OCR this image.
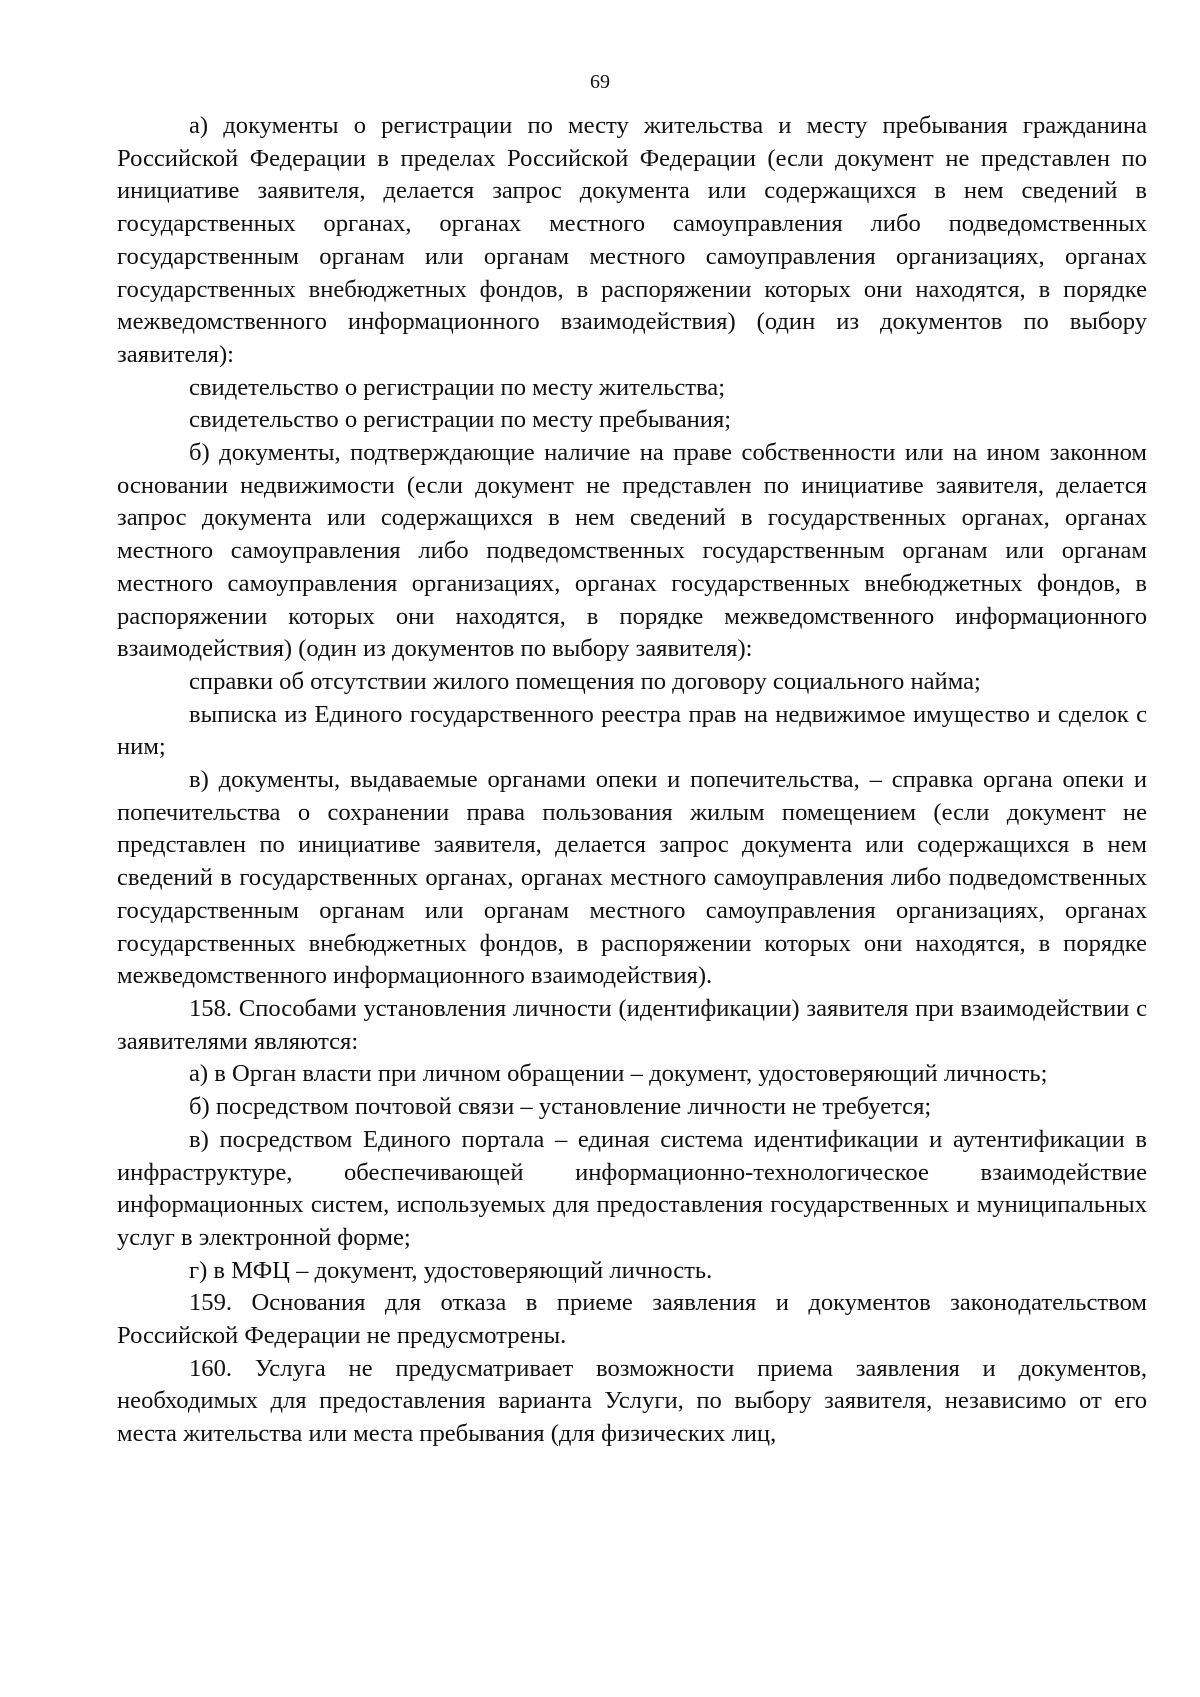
69

а) документы о регистрации по месту жительства и месту пребывания гражданина Российской Федерации в пределах Российской Федерации (если документ не представлен по инициативе заявителя, делается запрос документа или содержащихся в нем сведений в государственных органах, органах местного самоуправления либо подведомственных государственным органам или органам местного самоуправления организациях, органах государственных внебюджетных фондов, в распоряжении которых они находятся, в порядке межведомственного информационного взаимодействия) (один из документов по выбору заявителя):

свидетельство о регистрации по месту жительства;

свидетельство о регистрации по месту пребывания;

б) документы, подтверждающие наличие на праве собственности или на ином законном основании недвижимости (если документ не представлен по инициативе заявителя, делается запрос документа или содержащихся в нем сведений в государственных органах, органах местного самоуправления либо подведомственных государственным органам или органам местного самоуправления организациях, органах государственных внебюджетных фондов, в распоряжении которых они находятся, в порядке межведомственного информационного взаимодействия) (один из документов по выбору заявителя):

справки об отсутствии жилого помещения по договору социального найма;

выписка из Единого государственного реестра прав на недвижимое имущество и сделок с ним;

в) документы, выдаваемые органами опеки и попечительства, – справка органа опеки и попечительства о сохранении права пользования жилым помещением (если документ не представлен по инициативе заявителя, делается запрос документа или содержащихся в нем сведений в государственных органах, органах местного самоуправления либо подведомственных государственным органам или органам местного самоуправления организациях, органах государственных внебюджетных фондов, в распоряжении которых они находятся, в порядке межведомственного информационного взаимодействия).

158. Способами установления личности (идентификации) заявителя при взаимодействии с заявителями являются:

а) в Орган власти при личном обращении – документ, удостоверяющий личность;

б) посредством почтовой связи – установление личности не требуется;

в) посредством Единого портала – единая система идентификации и аутентификации в инфраструктуре, обеспечивающей информационно-технологическое взаимодействие информационных систем, используемых для предоставления государственных и муниципальных услуг в электронной форме;

г) в МФЦ – документ, удостоверяющий личность.

159. Основания для отказа в приеме заявления и документов законодательством Российской Федерации не предусмотрены.

160. Услуга не предусматривает возможности приема заявления и документов, необходимых для предоставления варианта Услуги, по выбору заявителя, независимо от его места жительства или места пребывания (для физических лиц,
